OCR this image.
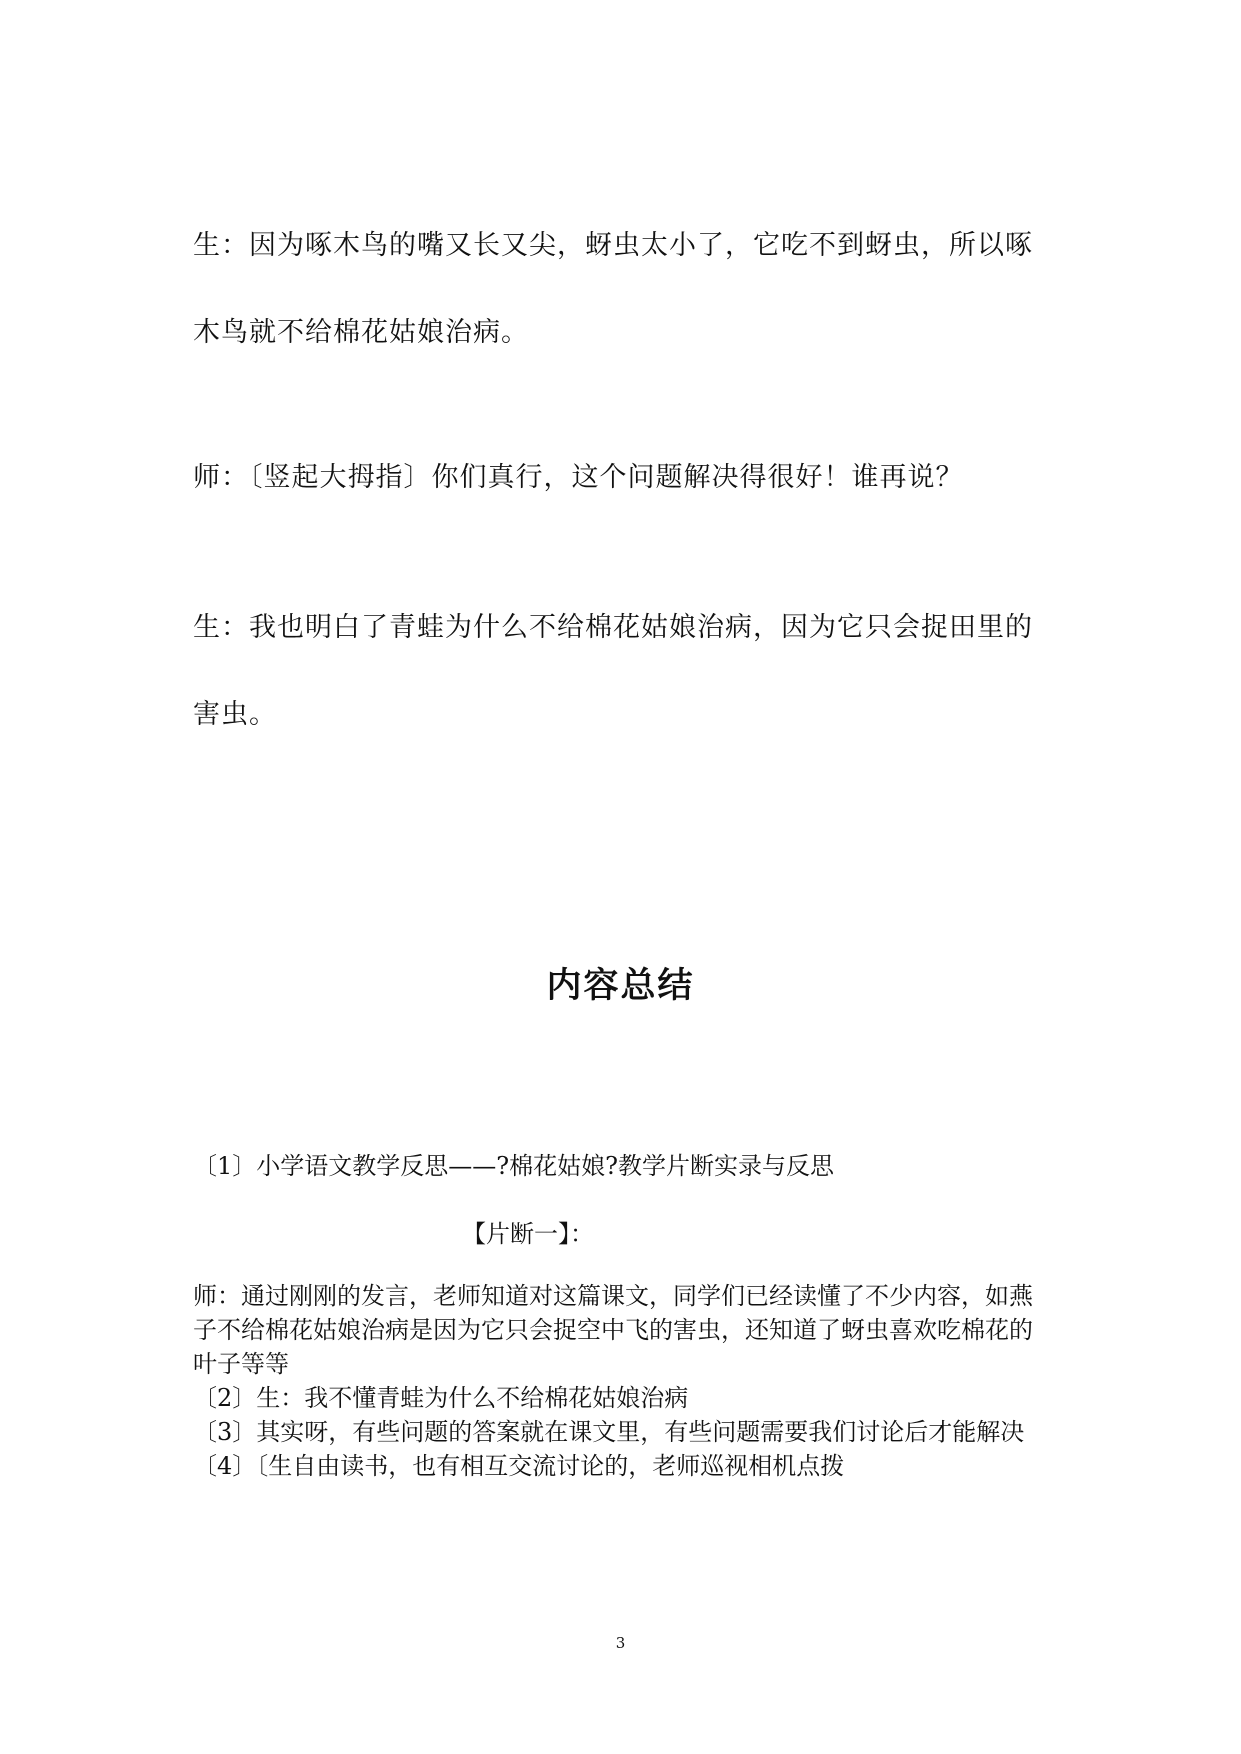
生：因为啄木鸟的嘴又长又尖，蚜虫太小了，它吃不到蚜虫，所以啄木鸟就不给棉花姑娘治病。

师：〔竖起大拇指〕你们真行，这个问题解决得很好！谁再说？

生：我也明白了青蛙为什么不给棉花姑娘治病，因为它只会捉田里的害虫。

内容总结

〔1〕小学语文教学反思——?棉花姑娘?教学片断实录与反思

【片断一】：

师：通过刚刚的发言，老师知道对这篇课文，同学们已经读懂了不少内容，如燕子不给棉花姑娘治病是因为它只会捉空中飞的害虫，还知道了蚜虫喜欢吃棉花的叶子等等

〔2〕生：我不懂青蛙为什么不给棉花姑娘治病

〔3〕其实呀，有些问题的答案就在课文里，有些问题需要我们讨论后才能解决

〔4〕〔生自由读书，也有相互交流讨论的，老师巡视相机点拨

3
